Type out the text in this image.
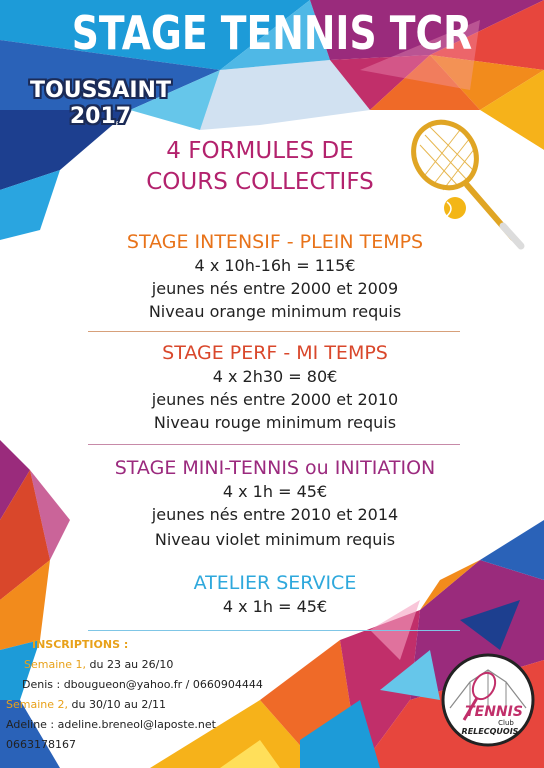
STAGE TENNIS TCR
TOUSSAINT
2017
4 FORMULES DE
COURS COLLECTIFS
STAGE INTENSIF - PLEIN TEMPS

4 x 10h-16h = 115€

jeunes nés entre 2000 et 2009

Niveau orange minimum requis

STAGE PERF - MI TEMPS

4 x 2h30 = 80€

jeunes nés entre 2000 et 2010

Niveau rouge minimum requis

STAGE MINI-TENNIS ou INITIATION

4 x 1h = 45€

jeunes nés entre 2010 et 2014

Niveau violet minimum requis

ATELIER SERVICE

4 x 1h = 45€

INSCRIPTIONS :
Semaine 1, du 23 au 26/10
Denis : dbougueon@yahoo.fr / 0660904444
Semaine 2, du 30/10 au 2/11
Adeline : adeline.breneol@laposte.net
0663178167
TENNIS
Club
RELECQUOIS
